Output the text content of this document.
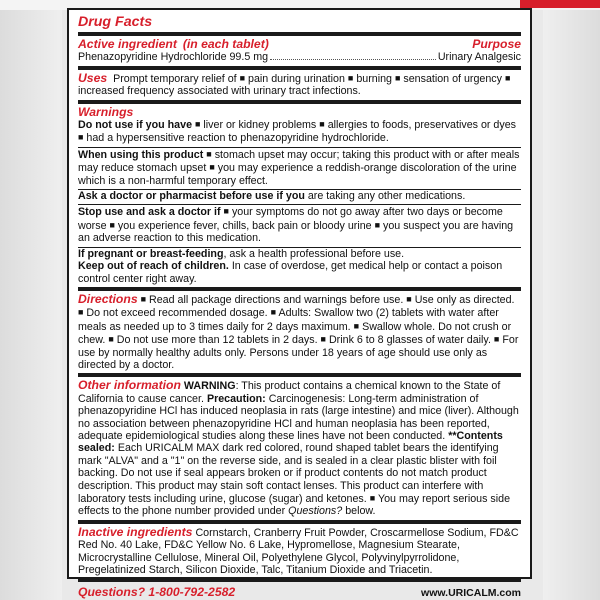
Drug Facts

Active ingredient (in each tablet)	Purpose
Phenazopyridine Hydrochloride 99.5 mg	Urinary Analgesic

Uses Prompt temporary relief of ■ pain during urination ■ burning ■ sensation of urgency ■ increased frequency associated with urinary tract infections.

Warnings

Do not use if you have ■ liver or kidney problems ■ allergies to foods, preservatives or dyes ■ had a hypersensitive reaction to phenazopyridine hydrochloride.

When using this product ■ stomach upset may occur; taking this product with or after meals may reduce stomach upset ■ you may experience a reddish-orange discoloration of the urine which is a non-harmful temporary effect.

Ask a doctor or pharmacist before use if you are taking any other medications.

Stop use and ask a doctor if ■ your symptoms do not go away after two days or become worse ■ you experience fever, chills, back pain or bloody urine ■ you suspect you are having an adverse reaction to this medication.

If pregnant or breast-feeding, ask a health professional before use.

Keep out of reach of children. In case of overdose, get medical help or contact a poison control center right away.

Directions ■ Read all package directions and warnings before use. ■ Use only as directed. ■ Do not exceed recommended dosage. ■ Adults: Swallow two (2) tablets with water after meals as needed up to 3 times daily for 2 days maximum. ■ Swallow whole. Do not crush or chew. ■ Do not use more than 12 tablets in 2 days. ■ Drink 6 to 8 glasses of water daily. ■ For use by normally healthy adults only. Persons under 18 years of age should use only as directed by a doctor.

Other information WARNING: This product contains a chemical known to the State of California to cause cancer. Precaution: Carcinogenesis: Long-term administration of phenazopyridine HCl has induced neoplasia in rats (large intestine) and mice (liver). Although no association between phenazopyridine HCl and human neoplasia has been reported, adequate epidemiological studies along these lines have not been conducted. **Contents sealed: Each URICALM MAX dark red colored, round shaped tablet bears the identifying mark "ALVA" and a "1" on the reverse side, and is sealed in a clear plastic blister with foil backing. Do not use if seal appears broken or if product contents do not match product description. This product may stain soft contact lenses. This product can interfere with laboratory tests including urine, glucose (sugar) and ketones. ■ You may report serious side effects to the phone number provided under Questions? below.

Inactive ingredients Cornstarch, Cranberry Fruit Powder, Croscarmellose Sodium, FD&C Red No. 40 Lake, FD&C Yellow No. 6 Lake, Hypromellose, Magnesium Stearate, Microcrystalline Cellulose, Mineral Oil, Polyethylene Glycol, Polyvinylpyrrolidone, Pregelatinized Starch, Silicon Dioxide, Talc, Titanium Dioxide and Triacetin.

Questions? 1-800-792-2582	www.URICALM.com
